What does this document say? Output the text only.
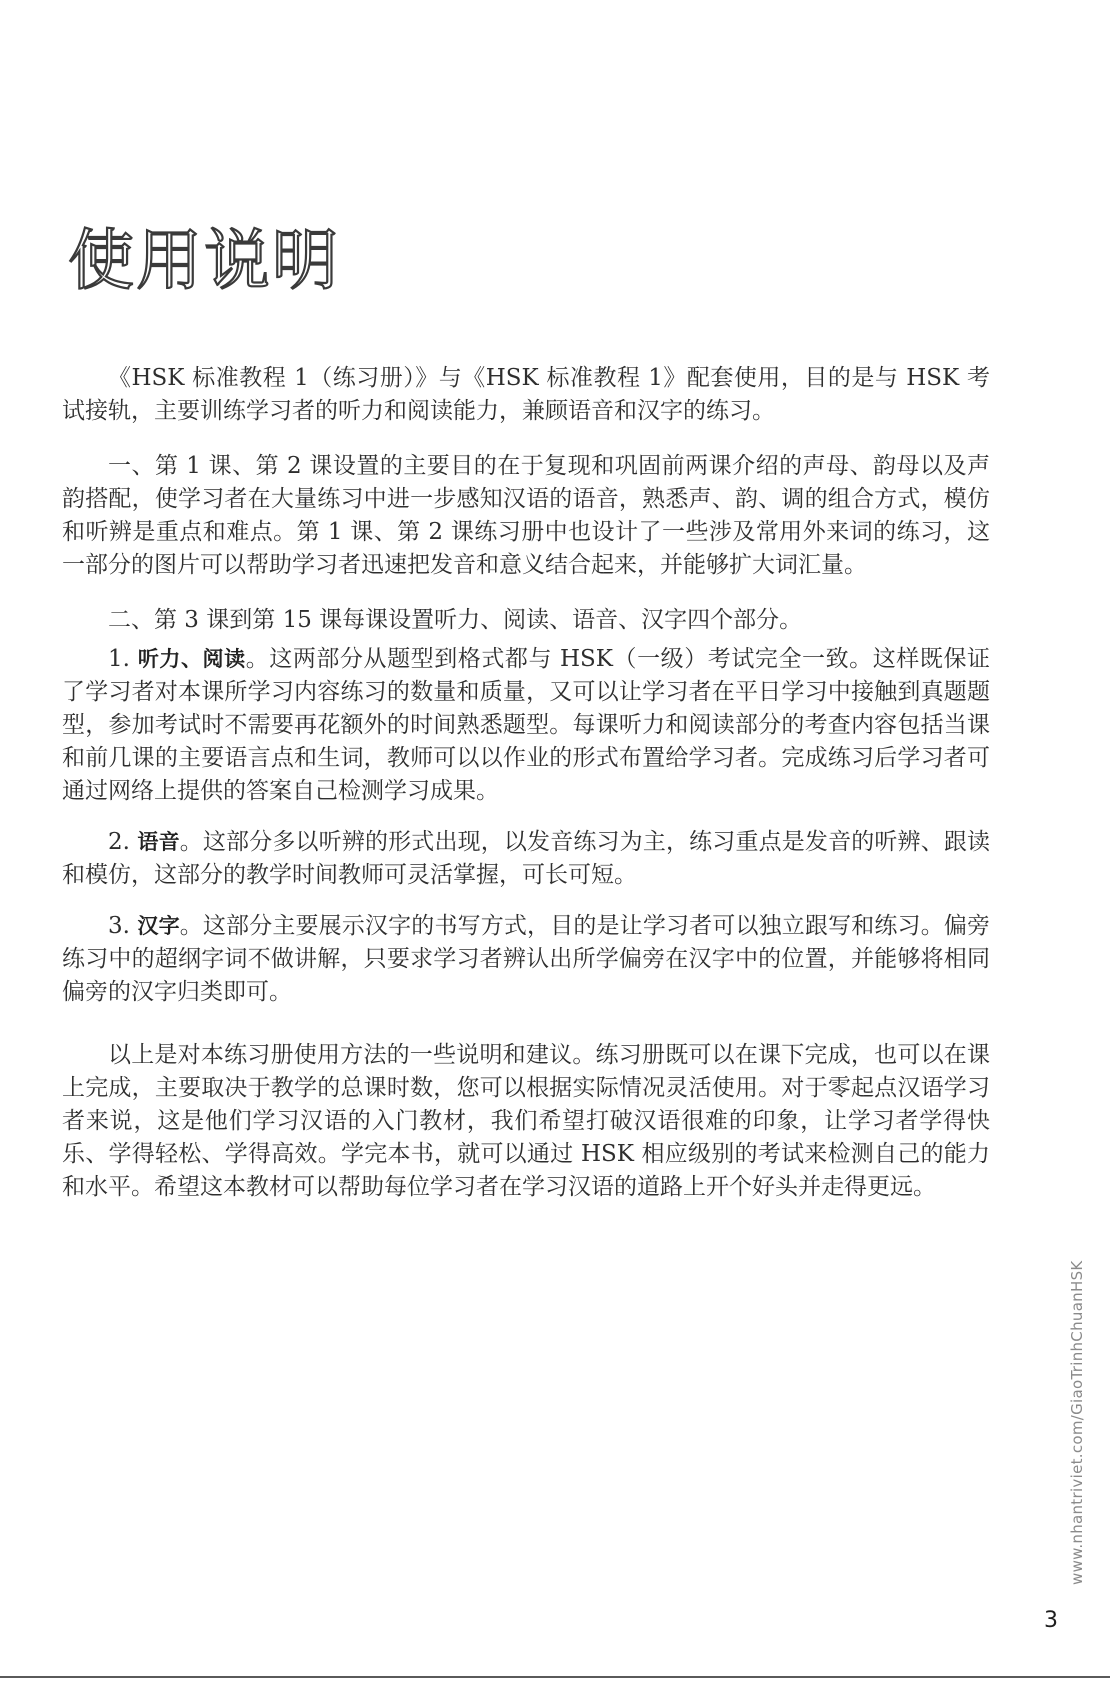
使用说明

《HSK 标准教程 1（练习册）》与《HSK 标准教程 1》配套使用，目的是与 HSK 考试接轨，主要训练学习者的听力和阅读能力，兼顾语音和汉字的练习。

一、第 1 课、第 2 课设置的主要目的在于复现和巩固前两课介绍的声母、韵母以及声韵搭配，使学习者在大量练习中进一步感知汉语的语音，熟悉声、韵、调的组合方式，模仿和听辨是重点和难点。第 1 课、第 2 课练习册中也设计了一些涉及常用外来词的练习，这一部分的图片可以帮助学习者迅速把发音和意义结合起来，并能够扩大词汇量。

二、第 3 课到第 15 课每课设置听力、阅读、语音、汉字四个部分。

1. 听力、阅读。这两部分从题型到格式都与 HSK（一级）考试完全一致。这样既保证了学习者对本课所学习内容练习的数量和质量，又可以让学习者在平日学习中接触到真题题型，参加考试时不需要再花额外的时间熟悉题型。每课听力和阅读部分的考查内容包括当课和前几课的主要语言点和生词，教师可以以作业的形式布置给学习者。完成练习后学习者可通过网络上提供的答案自己检测学习成果。

2. 语音。这部分多以听辨的形式出现，以发音练习为主，练习重点是发音的听辨、跟读和模仿，这部分的教学时间教师可灵活掌握，可长可短。

3. 汉字。这部分主要展示汉字的书写方式，目的是让学习者可以独立跟写和练习。偏旁练习中的超纲字词不做讲解，只要求学习者辨认出所学偏旁在汉字中的位置，并能够将相同偏旁的汉字归类即可。

以上是对本练习册使用方法的一些说明和建议。练习册既可以在课下完成，也可以在课上完成，主要取决于教学的总课时数，您可以根据实际情况灵活使用。对于零起点汉语学习者来说，这是他们学习汉语的入门教材，我们希望打破汉语很难的印象，让学习者学得快乐、学得轻松、学得高效。学完本书，就可以通过 HSK 相应级别的考试来检测自己的能力和水平。希望这本教材可以帮助每位学习者在学习汉语的道路上开个好头并走得更远。

www.nhantriviet.com/GiaoTrinhChuanHSK
3
